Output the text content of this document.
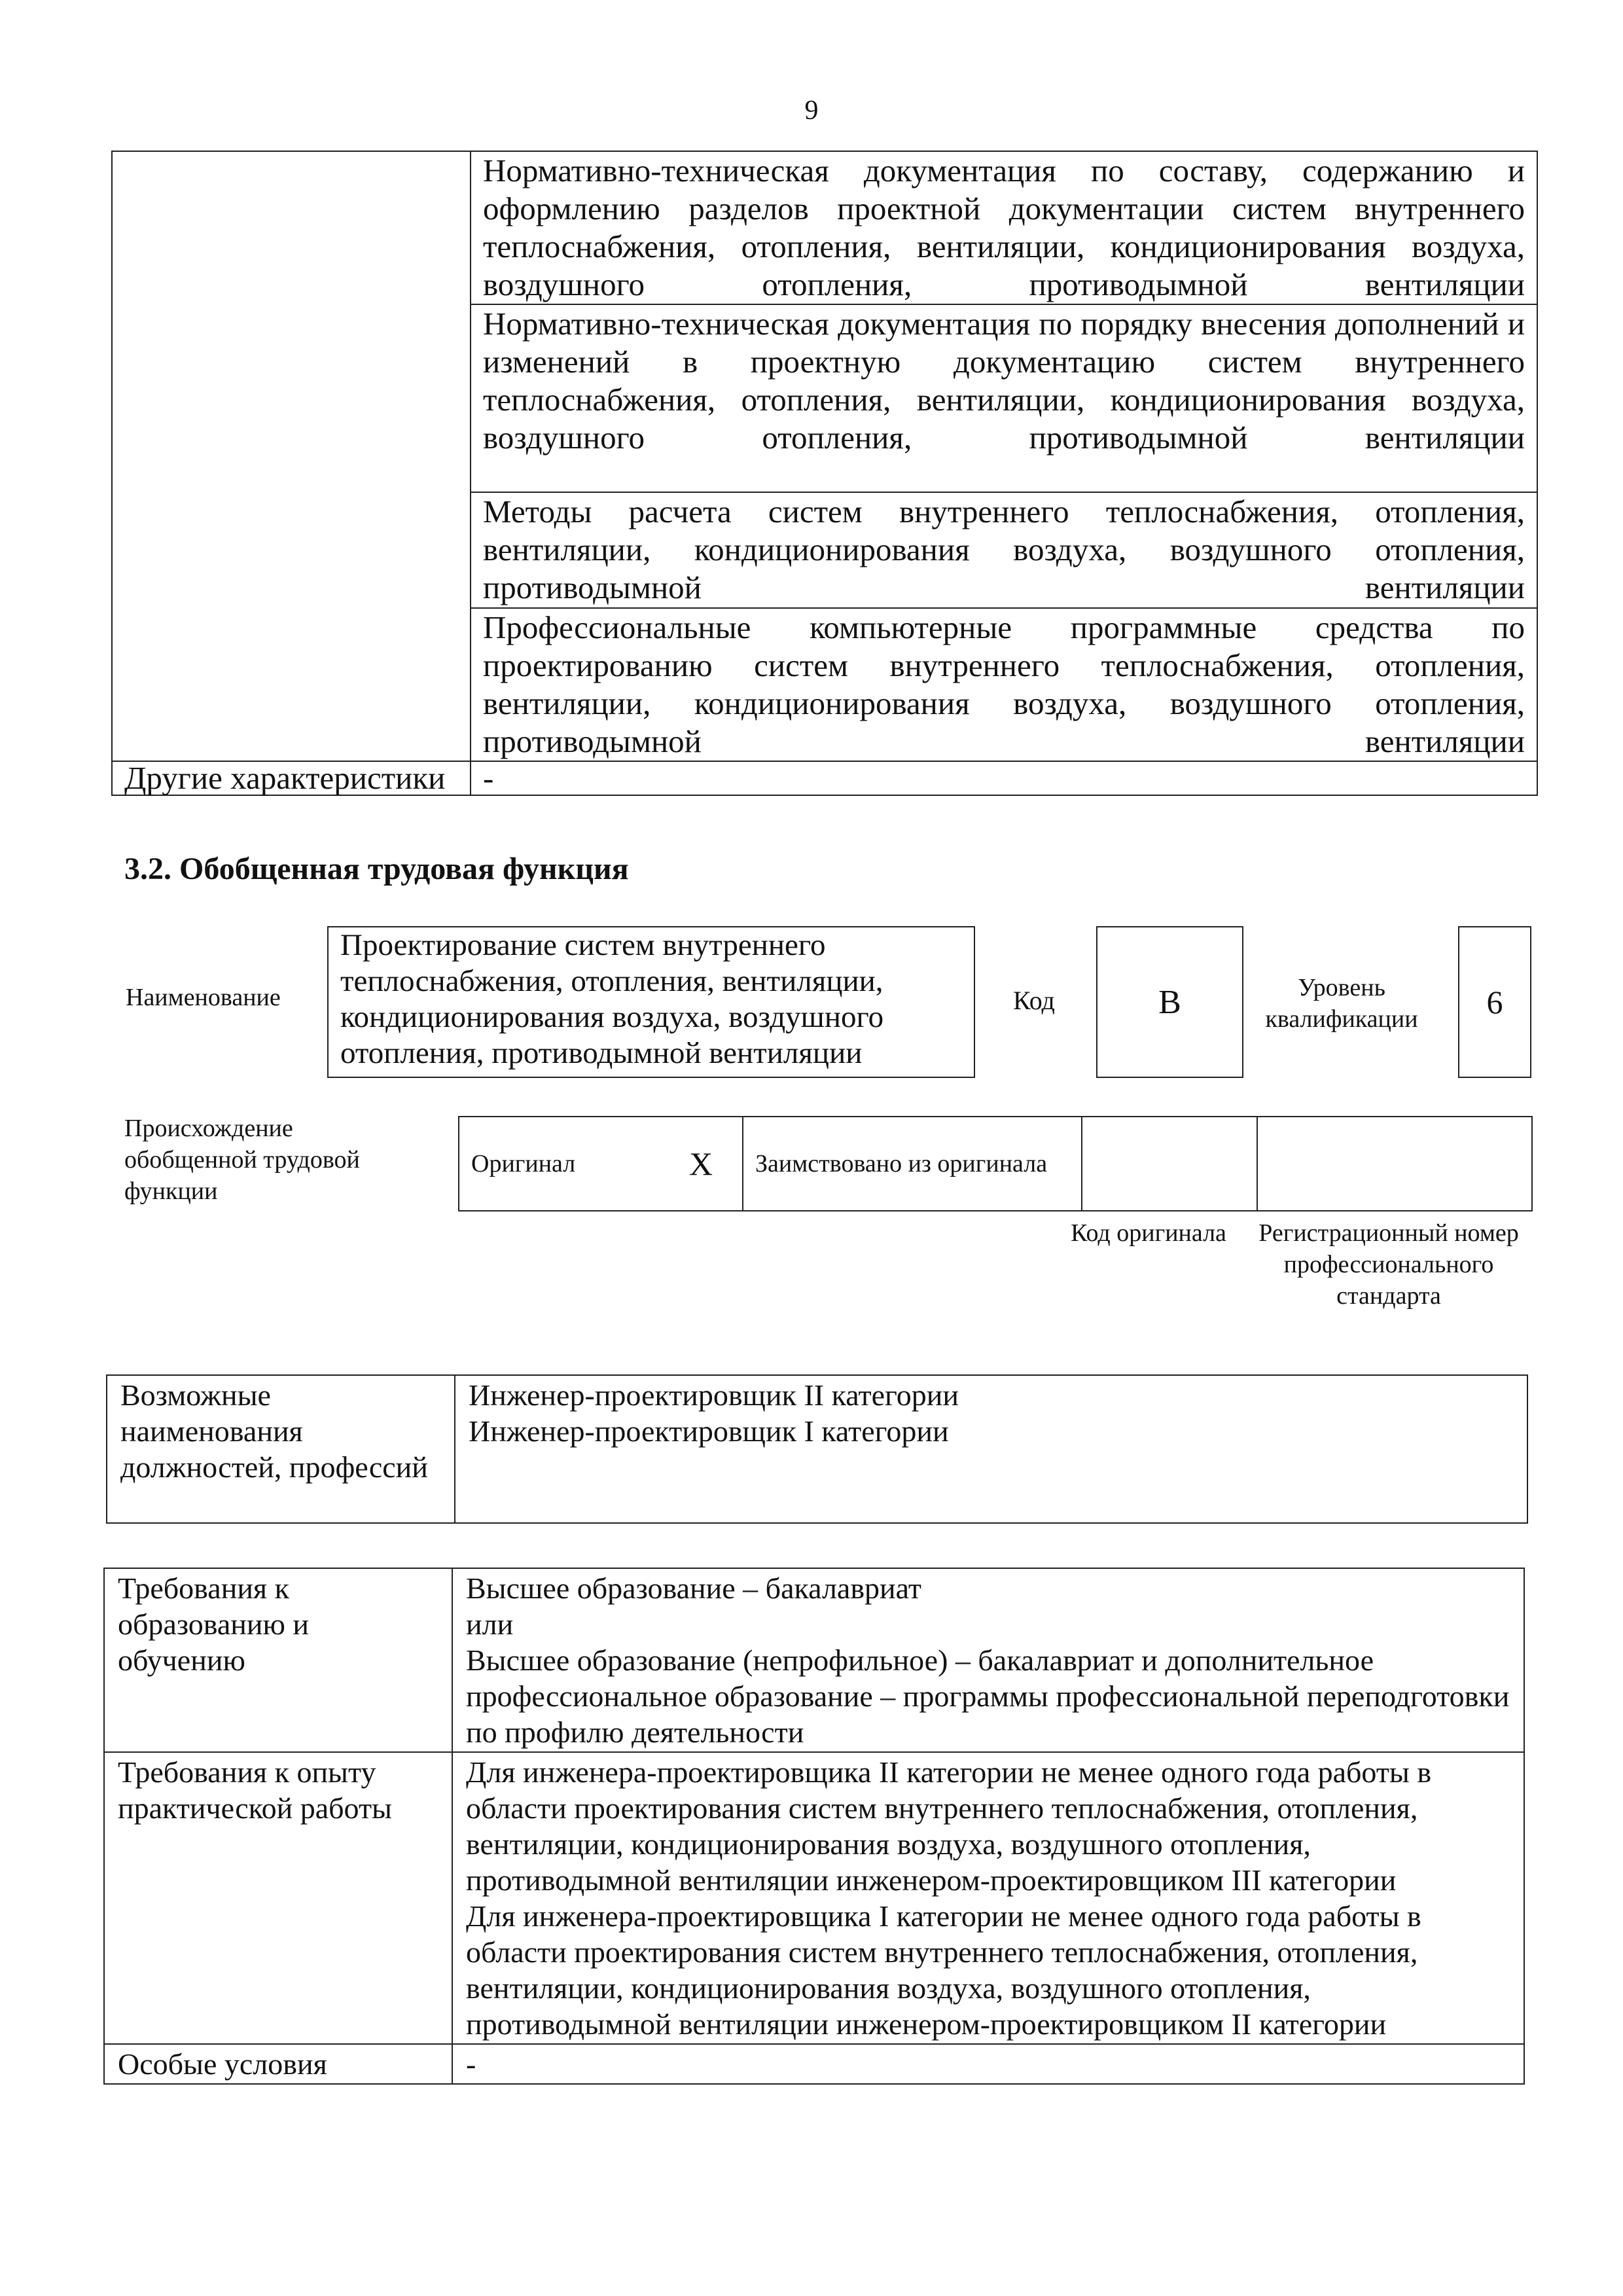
9
	Нормативно-техническая документация по составу, содержанию и оформлению разделов проектной документации систем внутреннего теплоснабжения, отопления, вентиляции, кондиционирования воздуха, воздушного отопления, противодымной вентиляции
	Нормативно-техническая документация по порядку внесения дополнений и изменений в проектную документацию систем внутреннего теплоснабжения, отопления, вентиляции, кондиционирования воздуха, воздушного отопления, противодымной вентиляции
	Методы расчета систем внутреннего теплоснабжения, отопления, вентиляции, кондиционирования воздуха, воздушного отопления, противодымной вентиляции
	Профессиональные компьютерные программные средства по проектированию систем внутреннего теплоснабжения, отопления, вентиляции, кондиционирования воздуха, воздушного отопления, противодымной вентиляции
Другие характеристики	-
3.2. Обобщенная трудовая функция
Наименование
Проектирование систем внутреннего теплоснабжения, отопления, вентиляции, кондиционирования воздуха, воздушного отопления, противодымной вентиляции
Код	B	Уровень квалификации	6
Происхождение обобщенной трудовой функции
Оригинал	X	Заимствовано из оригинала		
Код оригинала Регистрационный номер профессионального стандарта
Возможные наименования должностей, профессий	
Инженер-проектировщик II категории
Инженер-проектировщик I категории
Требования к образованию и обучению	Высшее образование – бакалавриат
или
Высшее образование (непрофильное) – бакалавриат и дополнительное профессиональное образование – программы профессиональной переподготовки по профилю деятельности

Требования к опыту практической работы	Для инженера-проектировщика II категории не менее одного года работы в области проектирования систем внутреннего теплоснабжения, отопления, вентиляции, кондиционирования воздуха, воздушного отопления, противодымной вентиляции инженером-проектировщиком III категории
Для инженера-проектировщика I категории не менее одного года работы в области проектирования систем внутреннего теплоснабжения, отопления, вентиляции, кондиционирования воздуха, воздушного отопления, противодымной вентиляции инженером-проектировщиком II категории

Особые условия	-
